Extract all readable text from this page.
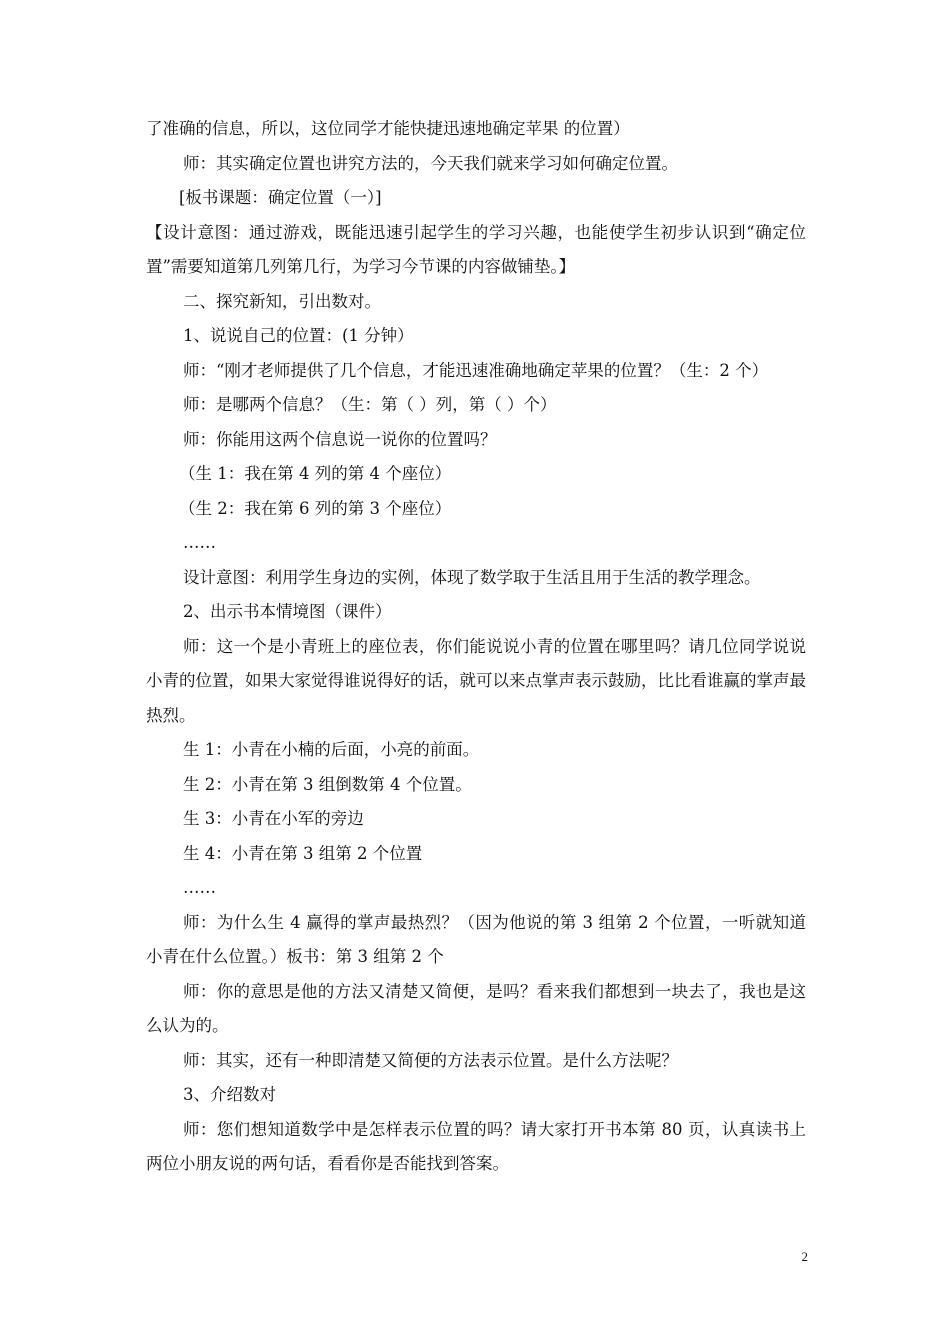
了准确的信息，所以，这位同学才能快捷迅速地确定苹果 的位置）

师：其实确定位置也讲究方法的，今天我们就来学习如何确定位置。

[板书课题：确定位置（一）]

【设计意图：通过游戏，既能迅速引起学生的学习兴趣，也能使学生初步认识到“确定位置”需要知道第几列第几行，为学习今节课的内容做铺垫。】

二、探究新知，引出数对。

1、说说自己的位置：(1 分钟）

师：“刚才老师提供了几个信息，才能迅速准确地确定苹果的位置？（生：2 个）

师：是哪两个信息？（生：第（ ）列，第（ ）个）

师：你能用这两个信息说一说你的位置吗？

（生 1：我在第 4 列的第 4 个座位）

（生 2：我在第 6 列的第 3 个座位）

……

设计意图：利用学生身边的实例，体现了数学取于生活且用于生活的教学理念。

2、出示书本情境图（课件）

师：这一个是小青班上的座位表，你们能说说小青的位置在哪里吗？请几位同学说说小青的位置，如果大家觉得谁说得好的话，就可以来点掌声表示鼓励，比比看谁赢的掌声最热烈。

生 1：小青在小楠的后面，小亮的前面。

生 2：小青在第 3 组倒数第 4 个位置。

生 3：小青在小军的旁边

生 4：小青在第 3 组第 2 个位置

……

师：为什么生 4 赢得的掌声最热烈？（因为他说的第 3 组第 2 个位置，一听就知道小青在什么位置。）板书：第 3 组第 2 个

师：你的意思是他的方法又清楚又简便，是吗？看来我们都想到一块去了，我也是这么认为的。

师：其实，还有一种即清楚又简便的方法表示位置。是什么方法呢？

3、介绍数对

师：您们想知道数学中是怎样表示位置的吗？请大家打开书本第 80 页，认真读书上两位小朋友说的两句话，看看你是否能找到答案。

2
